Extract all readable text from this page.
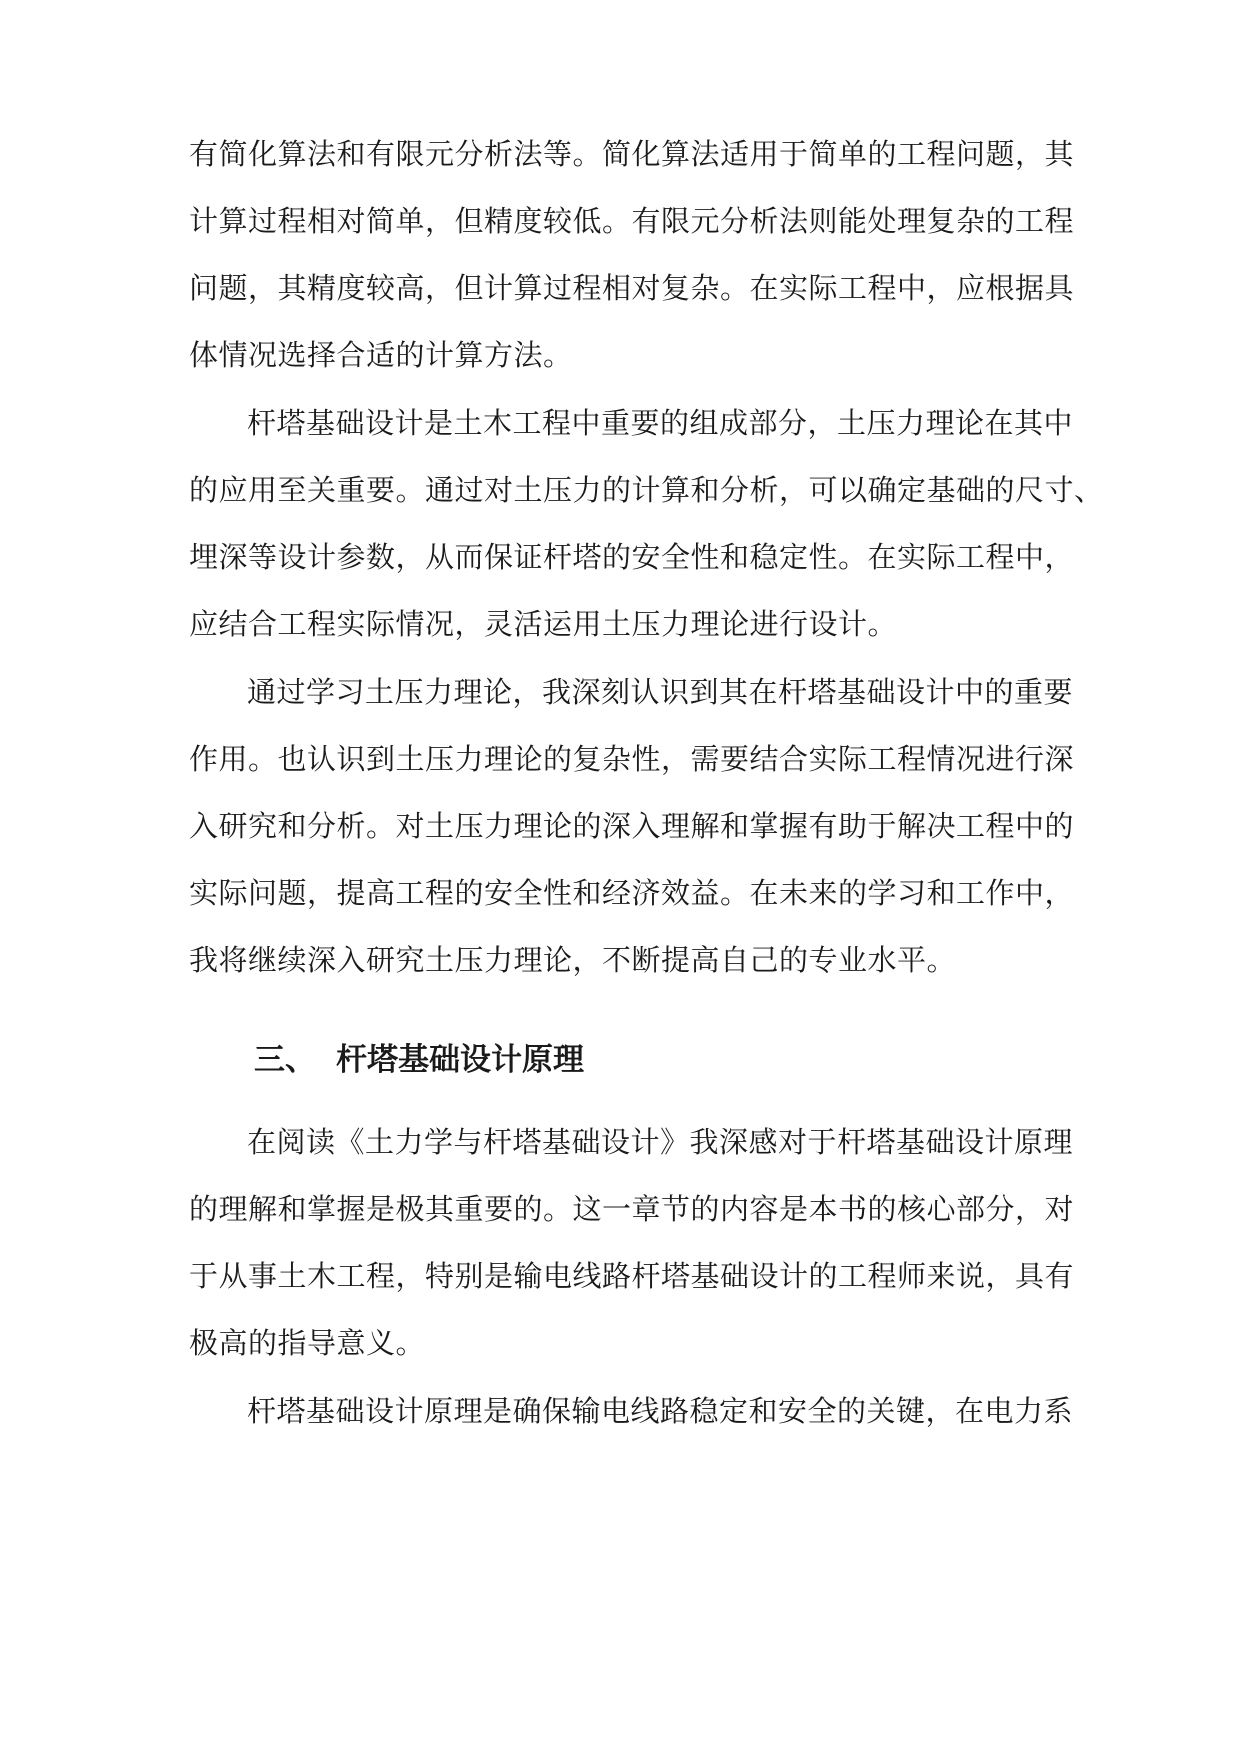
有简化算法和有限元分析法等。简化算法适用于简单的工程问题，其
计算过程相对简单，但精度较低。有限元分析法则能处理复杂的工程
问题，其精度较高，但计算过程相对复杂。在实际工程中，应根据具
体情况选择合适的计算方法。
杆塔基础设计是土木工程中重要的组成部分，土压力理论在其中
的应用至关重要。通过对土压力的计算和分析，可以确定基础的尺寸、
埋深等设计参数，从而保证杆塔的安全性和稳定性。在实际工程中，
应结合工程实际情况，灵活运用土压力理论进行设计。
通过学习土压力理论，我深刻认识到其在杆塔基础设计中的重要
作用。也认识到土压力理论的复杂性，需要结合实际工程情况进行深
入研究和分析。对土压力理论的深入理解和掌握有助于解决工程中的
实际问题，提高工程的安全性和经济效益。在未来的学习和工作中，
我将继续深入研究土压力理论，不断提高自己的专业水平。
三、 杆塔基础设计原理
在阅读《土力学与杆塔基础设计》我深感对于杆塔基础设计原理
的理解和掌握是极其重要的。这一章节的内容是本书的核心部分，对
于从事土木工程，特别是输电线路杆塔基础设计的工程师来说，具有
极高的指导意义。
杆塔基础设计原理是确保输电线路稳定和安全的关键，在电力系
